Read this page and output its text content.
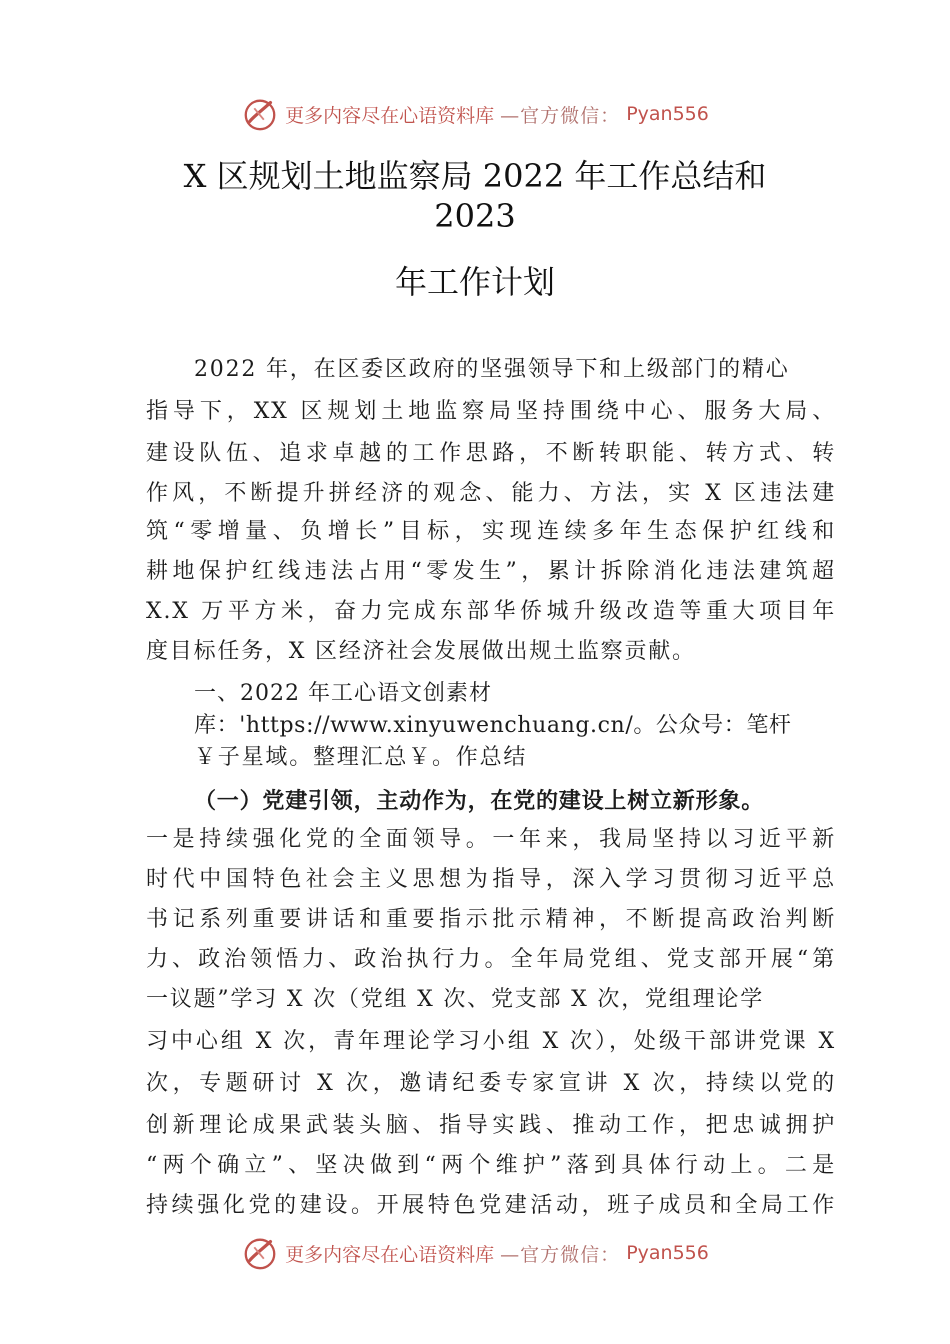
更多内容尽在心语资料库 —官方微信： Pyan556
X 区规划土地监察局 2022 年工作总结和
2023
年工作计划
2022 年，在区委区政府的坚强领导下和上级部门的精心
指导下，XX 区规划土地监察局坚持围绕中心、服务大局、
建设队伍、追求卓越的工作思路，不断转职能、转方式、转
作风，不断提升拼经济的观念、能力、方法，实 X 区违法建
筑“零增量、负增长”目标，实现连续多年生态保护红线和
耕地保护红线违法占用“零发生”，累计拆除消化违法建筑超
X.X 万平方米，奋力完成东部华侨城升级改造等重大项目年
度目标任务，X 区经济社会发展做出规土监察贡献。
一、2022 年工心语文创素材
库：'https://www.xinyuwenchuang.cn/。公众号：笔杆
￥子星域。整理汇总￥。作总结
（一）党建引领，主动作为，在党的建设上树立新形象。
一是持续强化党的全面领导。一年来，我局坚持以习近平新
时代中国特色社会主义思想为指导，深入学习贯彻习近平总
书记系列重要讲话和重要指示批示精神，不断提高政治判断
力、政治领悟力、政治执行力。全年局党组、党支部开展“第
一议题”学习 X 次（党组 X 次、党支部 X 次，党组理论学
习中心组 X 次，青年理论学习小组 X 次），处级干部讲党课 X
次，专题研讨 X 次，邀请纪委专家宣讲 X 次，持续以党的
创新理论成果武装头脑、指导实践、推动工作，把忠诚拥护
“两个确立”、坚决做到“两个维护”落到具体行动上。二是
持续强化党的建设。开展特色党建活动，班子成员和全局工作
更多内容尽在心语资料库 —官方微信： Pyan556
